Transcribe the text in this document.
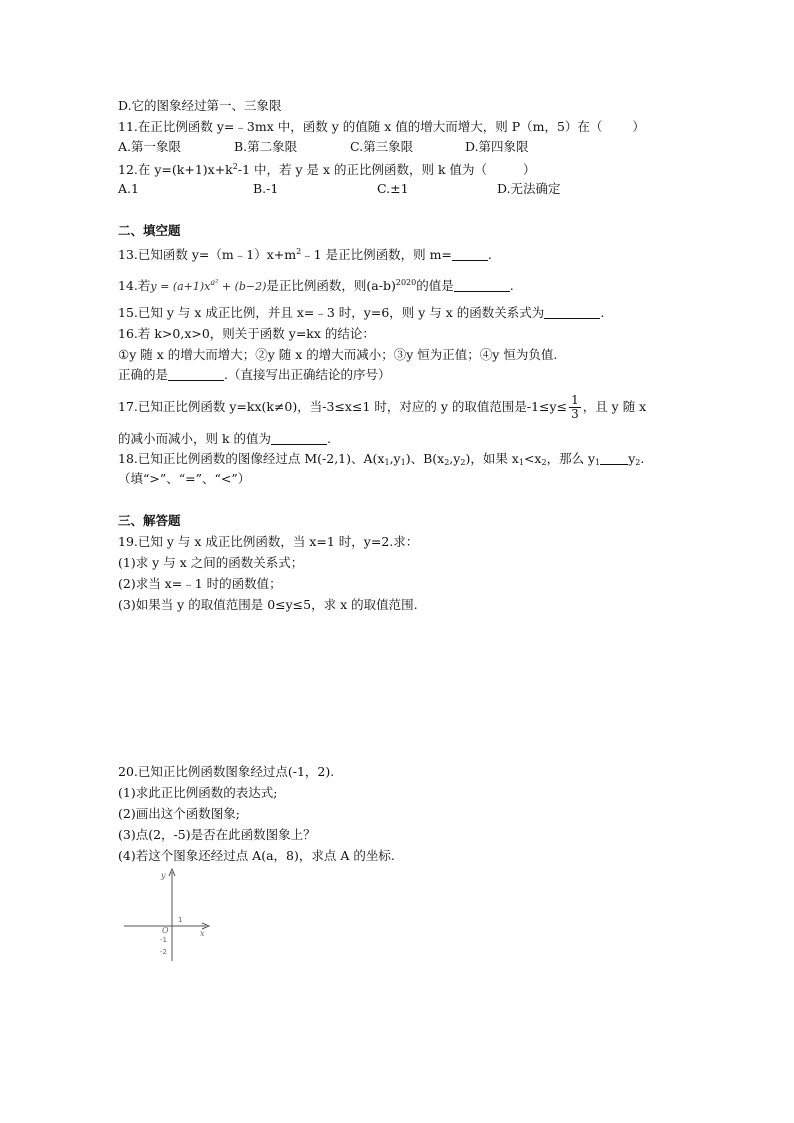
D.它的图象经过第一、三象限
11.在正比例函数 y=﹣3mx 中，函数 y 的值随 x 值的增大而增大，则 P（m，5）在（ ）
A.第一象限	B.第二象限	C.第三象限	D.第四象限
12.在 $y=(k+1)x+k^2-1$ 中，若 y 是 x 的正比例函数，则 k 值为（	）
A.1	B.-1	C.±1	D.无法确定
二、填空题
13.已知函数 $y=(m﹣1)x+m^2﹣1$ 是正比例函数，则 m=	.
14.若$y = (a+1)x^{a^2} + (b-2)$是正比例函数，则$(a-b)^{2020}$的值是	.
15.已知 y 与 x 成正比例，并且 x=﹣3 时，y=6，则 y 与 x 的函数关系式为	.
16.若 k>0,x>0，则关于函数 y=kx 的结论：
①y 随 x 的增大而增大；②y 随 x 的增大而减小；③y 恒为正值；④y 恒为负值.
正确的是	.（直接写出正确结论的序号）
17.已知正比例函数 y=kx(k≠0)，当-3≤x≤1 时，对应的 y 的取值范围是$-1\le y\le \frac{1}{3}$ ，且 y 随 x
的减小而减小，则 k 的值为	.
18.已知正比例函数的图像经过点 M(-2,1)、$A(x_1,y_1)$、$B(x_2,y_2)$，如果 $x_1<x_2$，那么 $y_1$ $y_2$.
（填“>”、“=”、“<”）
三、解答题
19.已知 y 与 x 成正比例函数，当 x=1 时，y=2.求：
(1)求 y 与 x 之间的函数关系式；
(2)求当 x=﹣1 时的函数值；
(3)如果当 y 的取值范围是 0≤y≤5，求 x 的取值范围.
20.已知正比例函数图象经过点(-1，2).
(1)求此正比例函数的表达式;
(2)画出这个函数图象;
(3)点(2，-5)是否在此函数图象上？
(4)若这个图象还经过点 A(a，8)，求点 A 的坐标.
y
x
O
1
-1
-2
